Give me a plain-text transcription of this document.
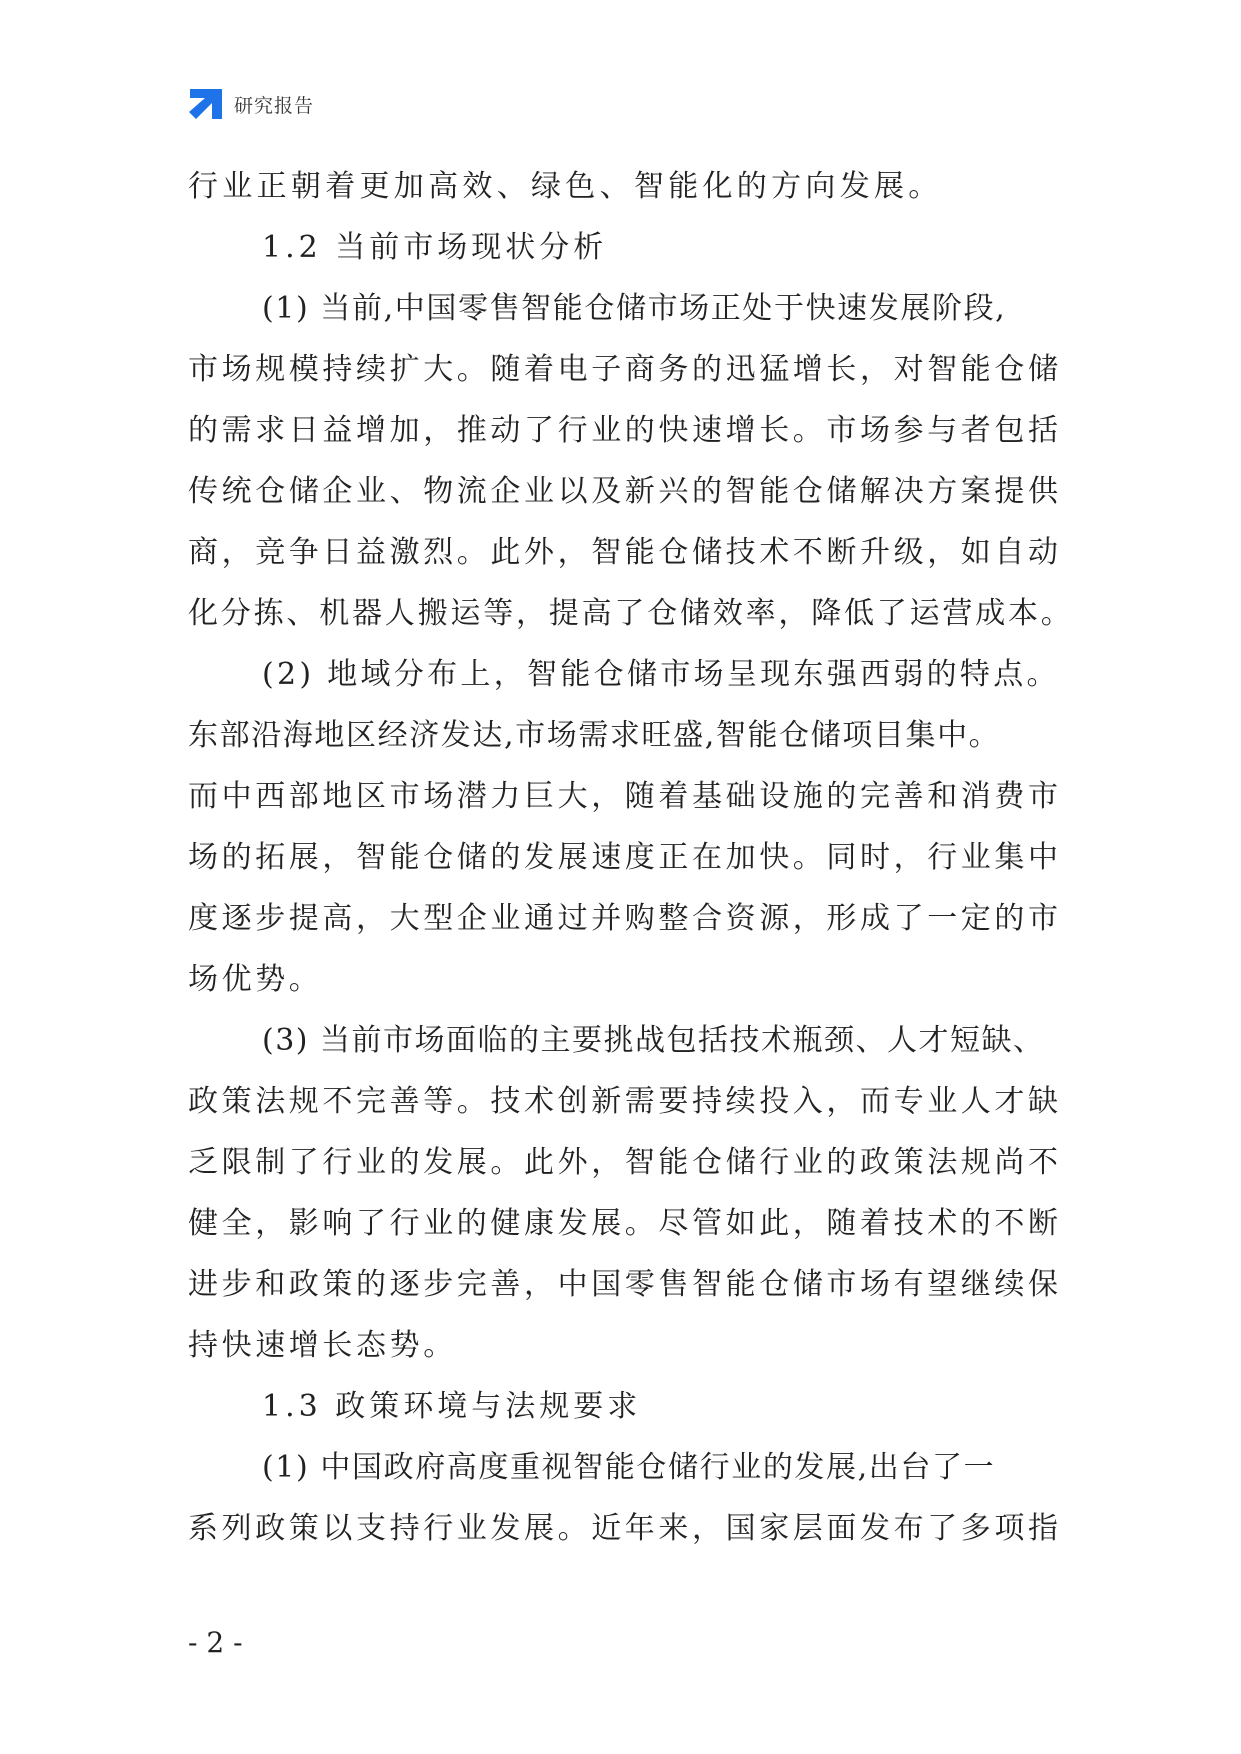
研究报告
行业正朝着更加高效、绿色、智能化的方向发展。
1.2 当前市场现状分析
(1) 当前,中国零售智能仓储市场正处于快速发展阶段,
市场规模持续扩大。随着电子商务的迅猛增长，对智能仓储
的需求日益增加，推动了行业的快速增长。市场参与者包括
传统仓储企业、物流企业以及新兴的智能仓储解决方案提供
商，竞争日益激烈。此外，智能仓储技术不断升级，如自动
化分拣、机器人搬运等，提高了仓储效率，降低了运营成本。
(2) 地域分布上，智能仓储市场呈现东强西弱的特点。
东部沿海地区经济发达,市场需求旺盛,智能仓储项目集中。
而中西部地区市场潜力巨大，随着基础设施的完善和消费市
场的拓展，智能仓储的发展速度正在加快。同时，行业集中
度逐步提高，大型企业通过并购整合资源，形成了一定的市
场优势。
(3) 当前市场面临的主要挑战包括技术瓶颈、人才短缺、
政策法规不完善等。技术创新需要持续投入，而专业人才缺
乏限制了行业的发展。此外，智能仓储行业的政策法规尚不
健全，影响了行业的健康发展。尽管如此，随着技术的不断
进步和政策的逐步完善，中国零售智能仓储市场有望继续保
持快速增长态势。
1.3 政策环境与法规要求
(1) 中国政府高度重视智能仓储行业的发展,出台了一
系列政策以支持行业发展。近年来，国家层面发布了多项指
- 2 -
